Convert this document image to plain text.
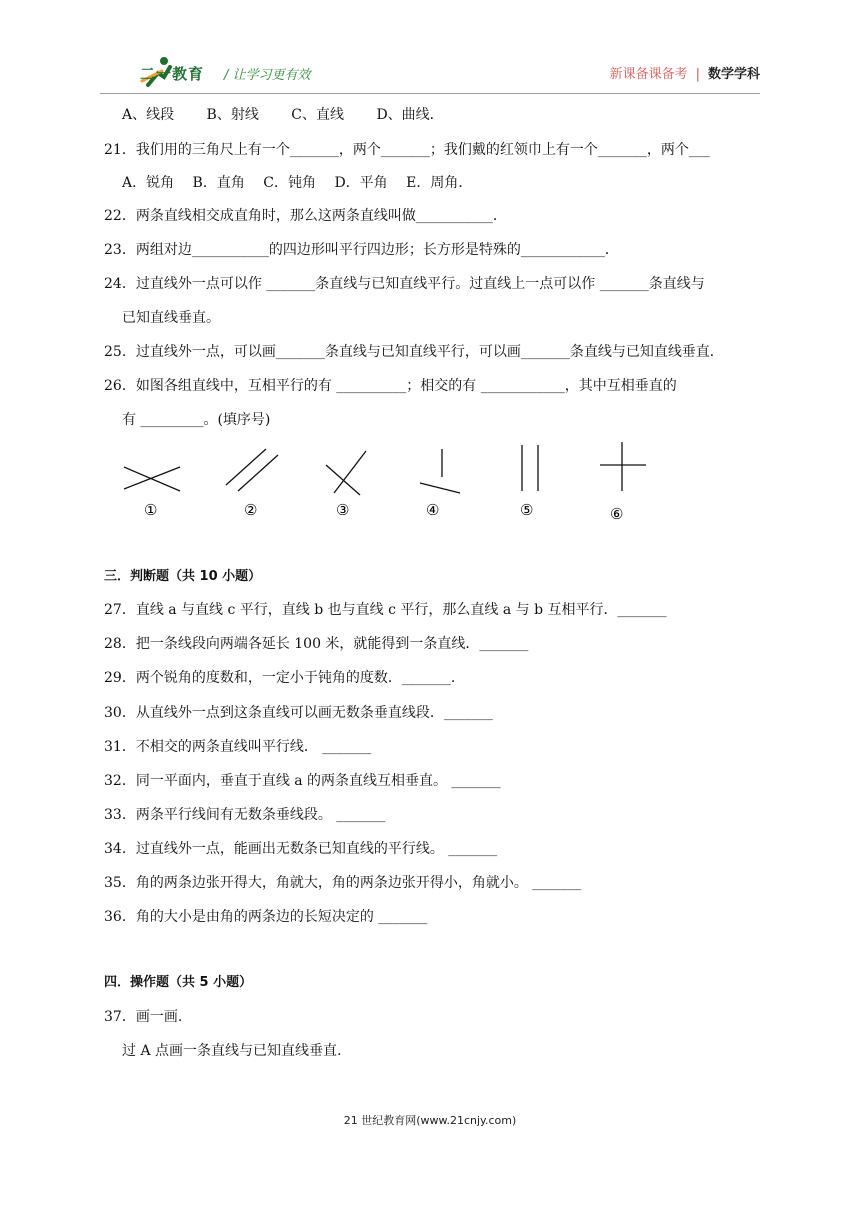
二一教育 / 让学习更有效	新课备课备考 | 数学学科
A、线段　　 B、射线　　 C、直线　　 D、曲线．
21．我们用的三角尺上有一个_______，两个_______；我们戴的红领巾上有一个_______，两个___
A．锐角　 B．直角　 C．钝角　 D．平角　 E．周角．
22．两条直线相交成直角时，那么这两条直线叫做___________．
23．两组对边___________的四边形叫平行四边形；长方形是特殊的____________．
24．过直线外一点可以作 _______条直线与已知直线平行。过直线上一点可以作 _______条直线与
已知直线垂直。
25．过直线外一点，可以画_______条直线与已知直线平行，可以画_______条直线与已知直线垂直．
26．如图各组直线中，互相平行的有 __________；相交的有 ____________，其中互相垂直的
有 _________。(填序号)
①	②	③	④	⑤	⑥
三．判断题（共 10 小题）
27．直线 a 与直线 c 平行，直线 b 也与直线 c 平行，那么直线 a 与 b 互相平行．_______
28．把一条线段向两端各延长 100 米，就能得到一条直线．_______
29．两个锐角的度数和，一定小于钝角的度数．_______.
30．从直线外一点到这条直线可以画无数条垂直线段．_______
31．不相交的两条直线叫平行线． _______
32．同一平面内，垂直于直线 a 的两条直线互相垂直。 _______
33．两条平行线间有无数条垂线段。 _______
34．过直线外一点，能画出无数条已知直线的平行线。 _______
35．角的两条边张开得大，角就大，角的两条边张开得小，角就小。 _______
36．角的大小是由角的两条边的长短决定的 _______
四．操作题（共 5 小题）
37．画一画.
过 A 点画一条直线与已知直线垂直.
21 世纪教育网(www.21cnjy.com)
